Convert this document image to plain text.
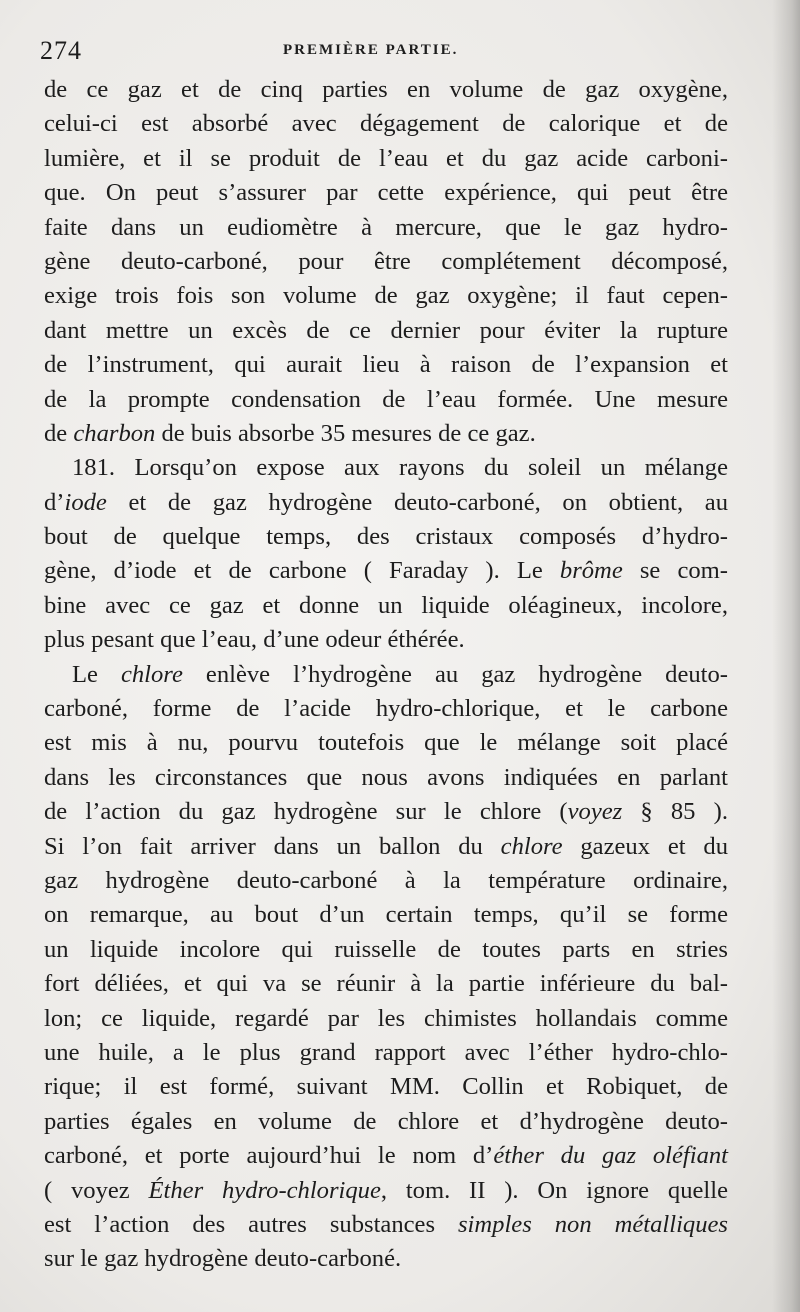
274	PREMIÈRE PARTIE.
de ce gaz et de cinq parties en volume de gaz oxygène,
celui-ci est absorbé avec dégagement de calorique et de
lumière, et il se produit de l’eau et du gaz acide carboni-
que. On peut s’assurer par cette expérience, qui peut être
faite dans un eudiomètre à mercure, que le gaz hydro-
gène deuto-carboné, pour être complétement décomposé,
exige trois fois son volume de gaz oxygène; il faut cepen-
dant mettre un excès de ce dernier pour éviter la rupture
de l’instrument, qui aurait lieu à raison de l’expansion et
de la prompte condensation de l’eau formée. Une mesure
de charbon de buis absorbe 35 mesures de ce gaz.
181. Lorsqu’on expose aux rayons du soleil un mélange
d’iode et de gaz hydrogène deuto-carboné, on obtient, au
bout de quelque temps, des cristaux composés d’hydro-
gène, d’iode et de carbone ( Faraday ). Le brôme se com-
bine avec ce gaz et donne un liquide oléagineux, incolore,
plus pesant que l’eau, d’une odeur éthérée.
Le chlore enlève l’hydrogène au gaz hydrogène deuto-
carboné, forme de l’acide hydro-chlorique, et le carbone
est mis à nu, pourvu toutefois que le mélange soit placé
dans les circonstances que nous avons indiquées en parlant
de l’action du gaz hydrogène sur le chlore (voyez § 85 ).
Si l’on fait arriver dans un ballon du chlore gazeux et du
gaz hydrogène deuto-carboné à la température ordinaire,
on remarque, au bout d’un certain temps, qu’il se forme
un liquide incolore qui ruisselle de toutes parts en stries
fort déliées, et qui va se réunir à la partie inférieure du bal-
lon; ce liquide, regardé par les chimistes hollandais comme
une huile, a le plus grand rapport avec l’éther hydro-chlo-
rique; il est formé, suivant MM. Collin et Robiquet, de
parties égales en volume de chlore et d’hydrogène deuto-
carboné, et porte aujourd’hui le nom d’éther du gaz oléfiant
( voyez Éther hydro-chlorique, tom. II ). On ignore quelle
est l’action des autres substances simples non métalliques
sur le gaz hydrogène deuto-carboné.
